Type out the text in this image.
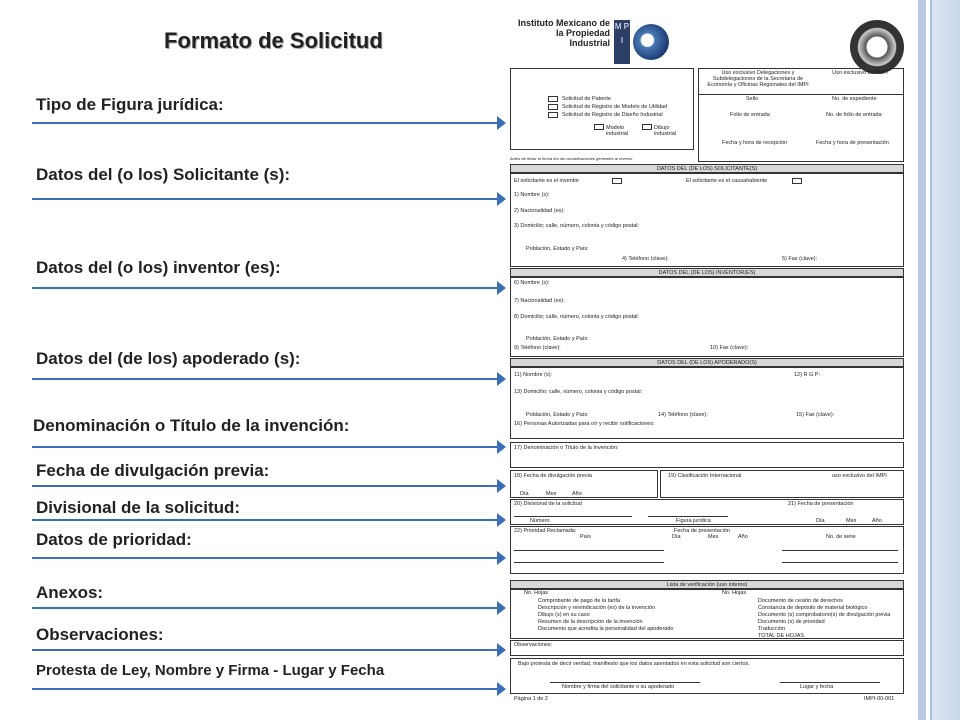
Formato de Solicitud
Tipo de Figura jurídica:
Datos del (o los) Solicitante (s):
Datos del (o los) inventor (es):
Datos del (de los) apoderado (s):
Denominación o Título de la invención:
Fecha de divulgación previa:
Divisional de la solicitud:
Datos de prioridad:
Anexos:
Observaciones:
Protesta de Ley, Nombre y Firma - Lugar y Fecha
Instituto Mexicano de la Propiedad Industrial
M P I
Solicitud de Patente
Solicitud de Registro de Modelo de Utilidad
Solicitud de Registro de Diseño Industrial
Modelo industrial
Dibujo industrial
Uso exclusivo Delegaciones y Subdelegaciones de la Secretaría de Economía y Oficinas Regionales del IMPI
Uso exclusivo del IMPI
Sello	No. de expediente
Folio de entrada	No. de folio de entrada
Fecha y hora de recepción	Fecha y hora de presentación
Antes de llenar la forma lea las consideraciones generales al reverso
DATOS DEL (DE LOS) SOLICITANTE(S)
El solicitante es el inventor	El solicitante es el causahabiente
1) Nombre (s):
2) Nacionalidad (es):
3) Domicilio; calle, número, colonia y código postal:
Población, Estado y País:
4) Teléfono (clave):	5) Fax (clave):
DATOS DEL (DE LOS) INVENTOR(ES)
6) Nombre (s):
7) Nacionalidad (es):
8) Domicilio; calle, número, colonia y código postal:
Población, Estado y País:
9) Teléfono (clave):	10) Fax (clave):
DATOS DEL (DE LOS) APODERADO(S)
11) Nombre (s):	12) R G P:
13) Domicilio; calle, número, colonia y código postal:
Población, Estado y País:	14) Teléfono (clave):	15) Fax (clave):
16) Personas Autorizadas para oír y recibir notificaciones:
17) Denominación o Título de la Invención:
18) Fecha de divulgación previa
Día	Mes	Año
19) Clasificación Internacional	uso exclusivo del IMPI
20) Divisional de la solicitud	21) Fecha de presentación
Número	Figura jurídica	Día	Mes	Año
22) Prioridad Reclamada:	Fecha de presentación
País	Día	Mes	Año	No. de serie
Lista de verificación (uso interno)
No. Hojas	No. Hojas
Comprobante de pago de la tarifa
Descripción y reivindicación (es) de la invención
Dibujo (s) en su caso
Resumen de la descripción de la invención
Documento que acredita la personalidad del apoderado
Documento de cesión de derechos
Constancia de depósito de material biológico
Documento (s) comprobatorio(s) de divulgación previa
Documento (s) de prioridad
Traducción
TOTAL DE HOJAS
Observaciones:
Bajo protesta de decir verdad, manifiesto que los datos asentados en esta solicitud son ciertos.
Nombre y firma del solicitante o su apoderado	Lugar y fecha
Página 1 de 2	IMPI-00-001
